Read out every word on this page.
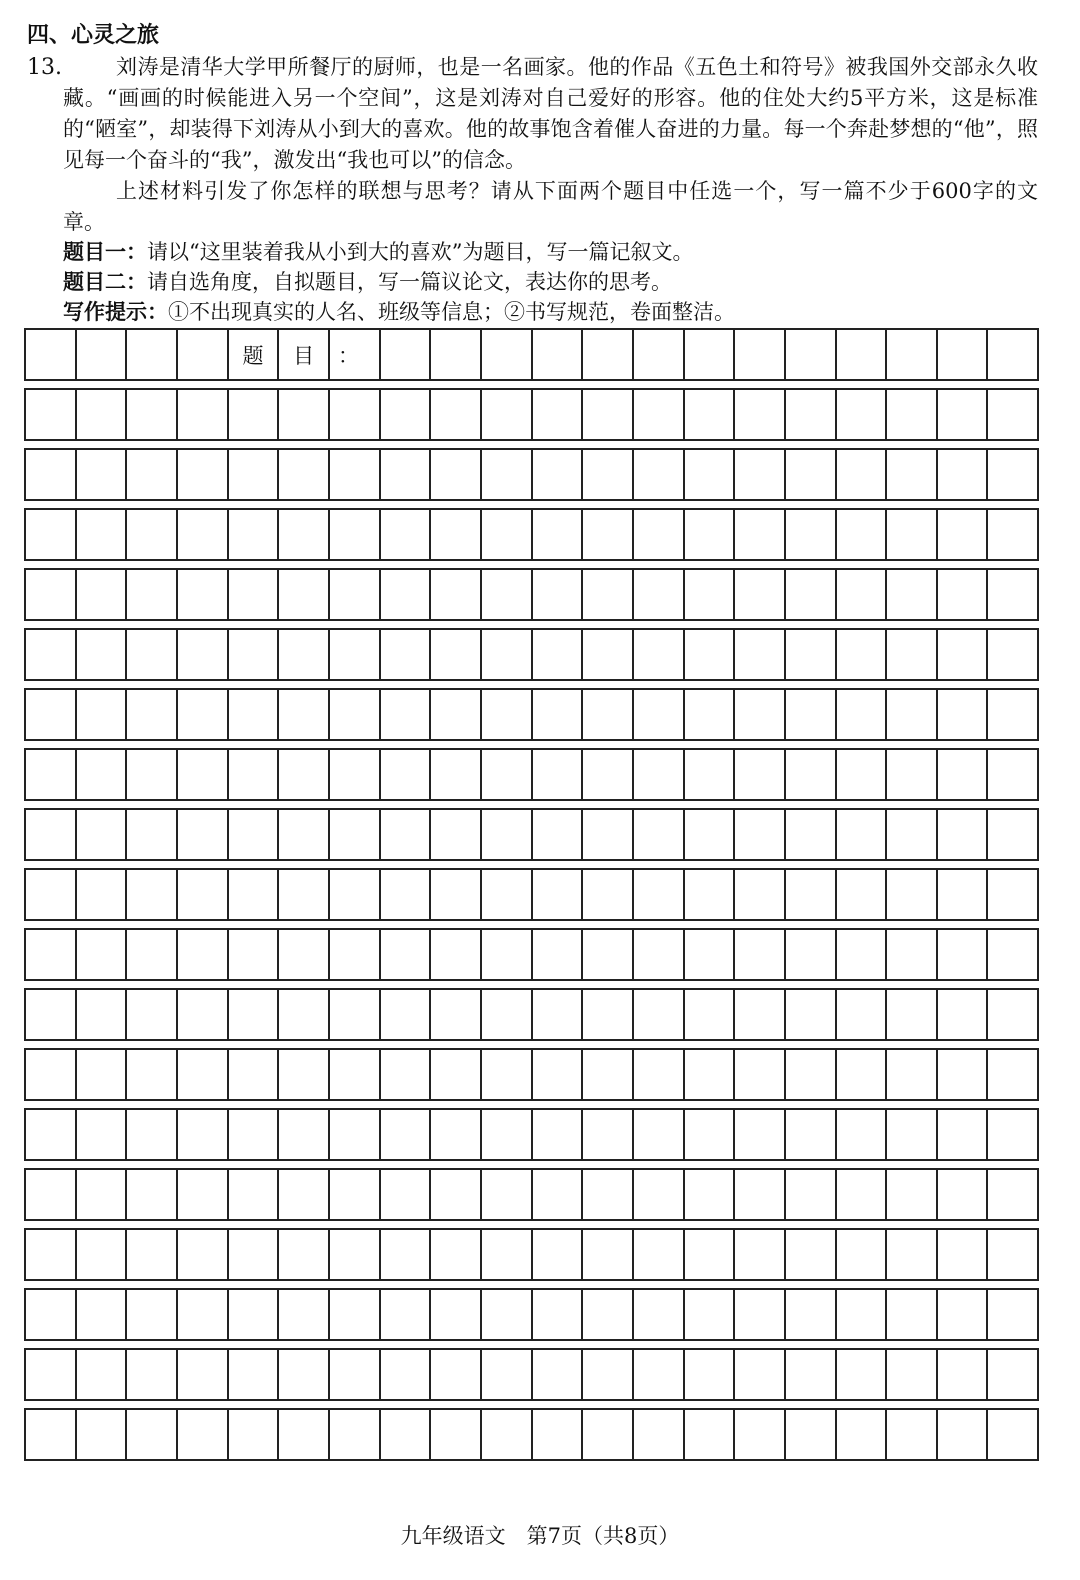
四、心灵之旅
13.	刘涛是清华大学甲所餐厅的厨师，也是一名画家。他的作品《五色土和符号》被我国外交部永久收藏。“画画的时候能进入另一个空间”，这是刘涛对自己爱好的形容。他的住处大约5平方米，这是标准的“陋室”，却装得下刘涛从小到大的喜欢。他的故事饱含着催人奋进的力量。每一个奔赴梦想的“他”，照见每一个奋斗的“我”，激发出“我也可以”的信念。
上述材料引发了你怎样的联想与思考？请从下面两个题目中任选一个，写一篇不少于600字的文章。
题目一：请以“这里装着我从小到大的喜欢”为题目，写一篇记叙文。
题目二：请自选角度，自拟题目，写一篇议论文，表达你的思考。
写作提示：①不出现真实的人名、班级等信息；②书写规范，卷面整洁。
题	目	：
九年级语文　第7页（共8页）
